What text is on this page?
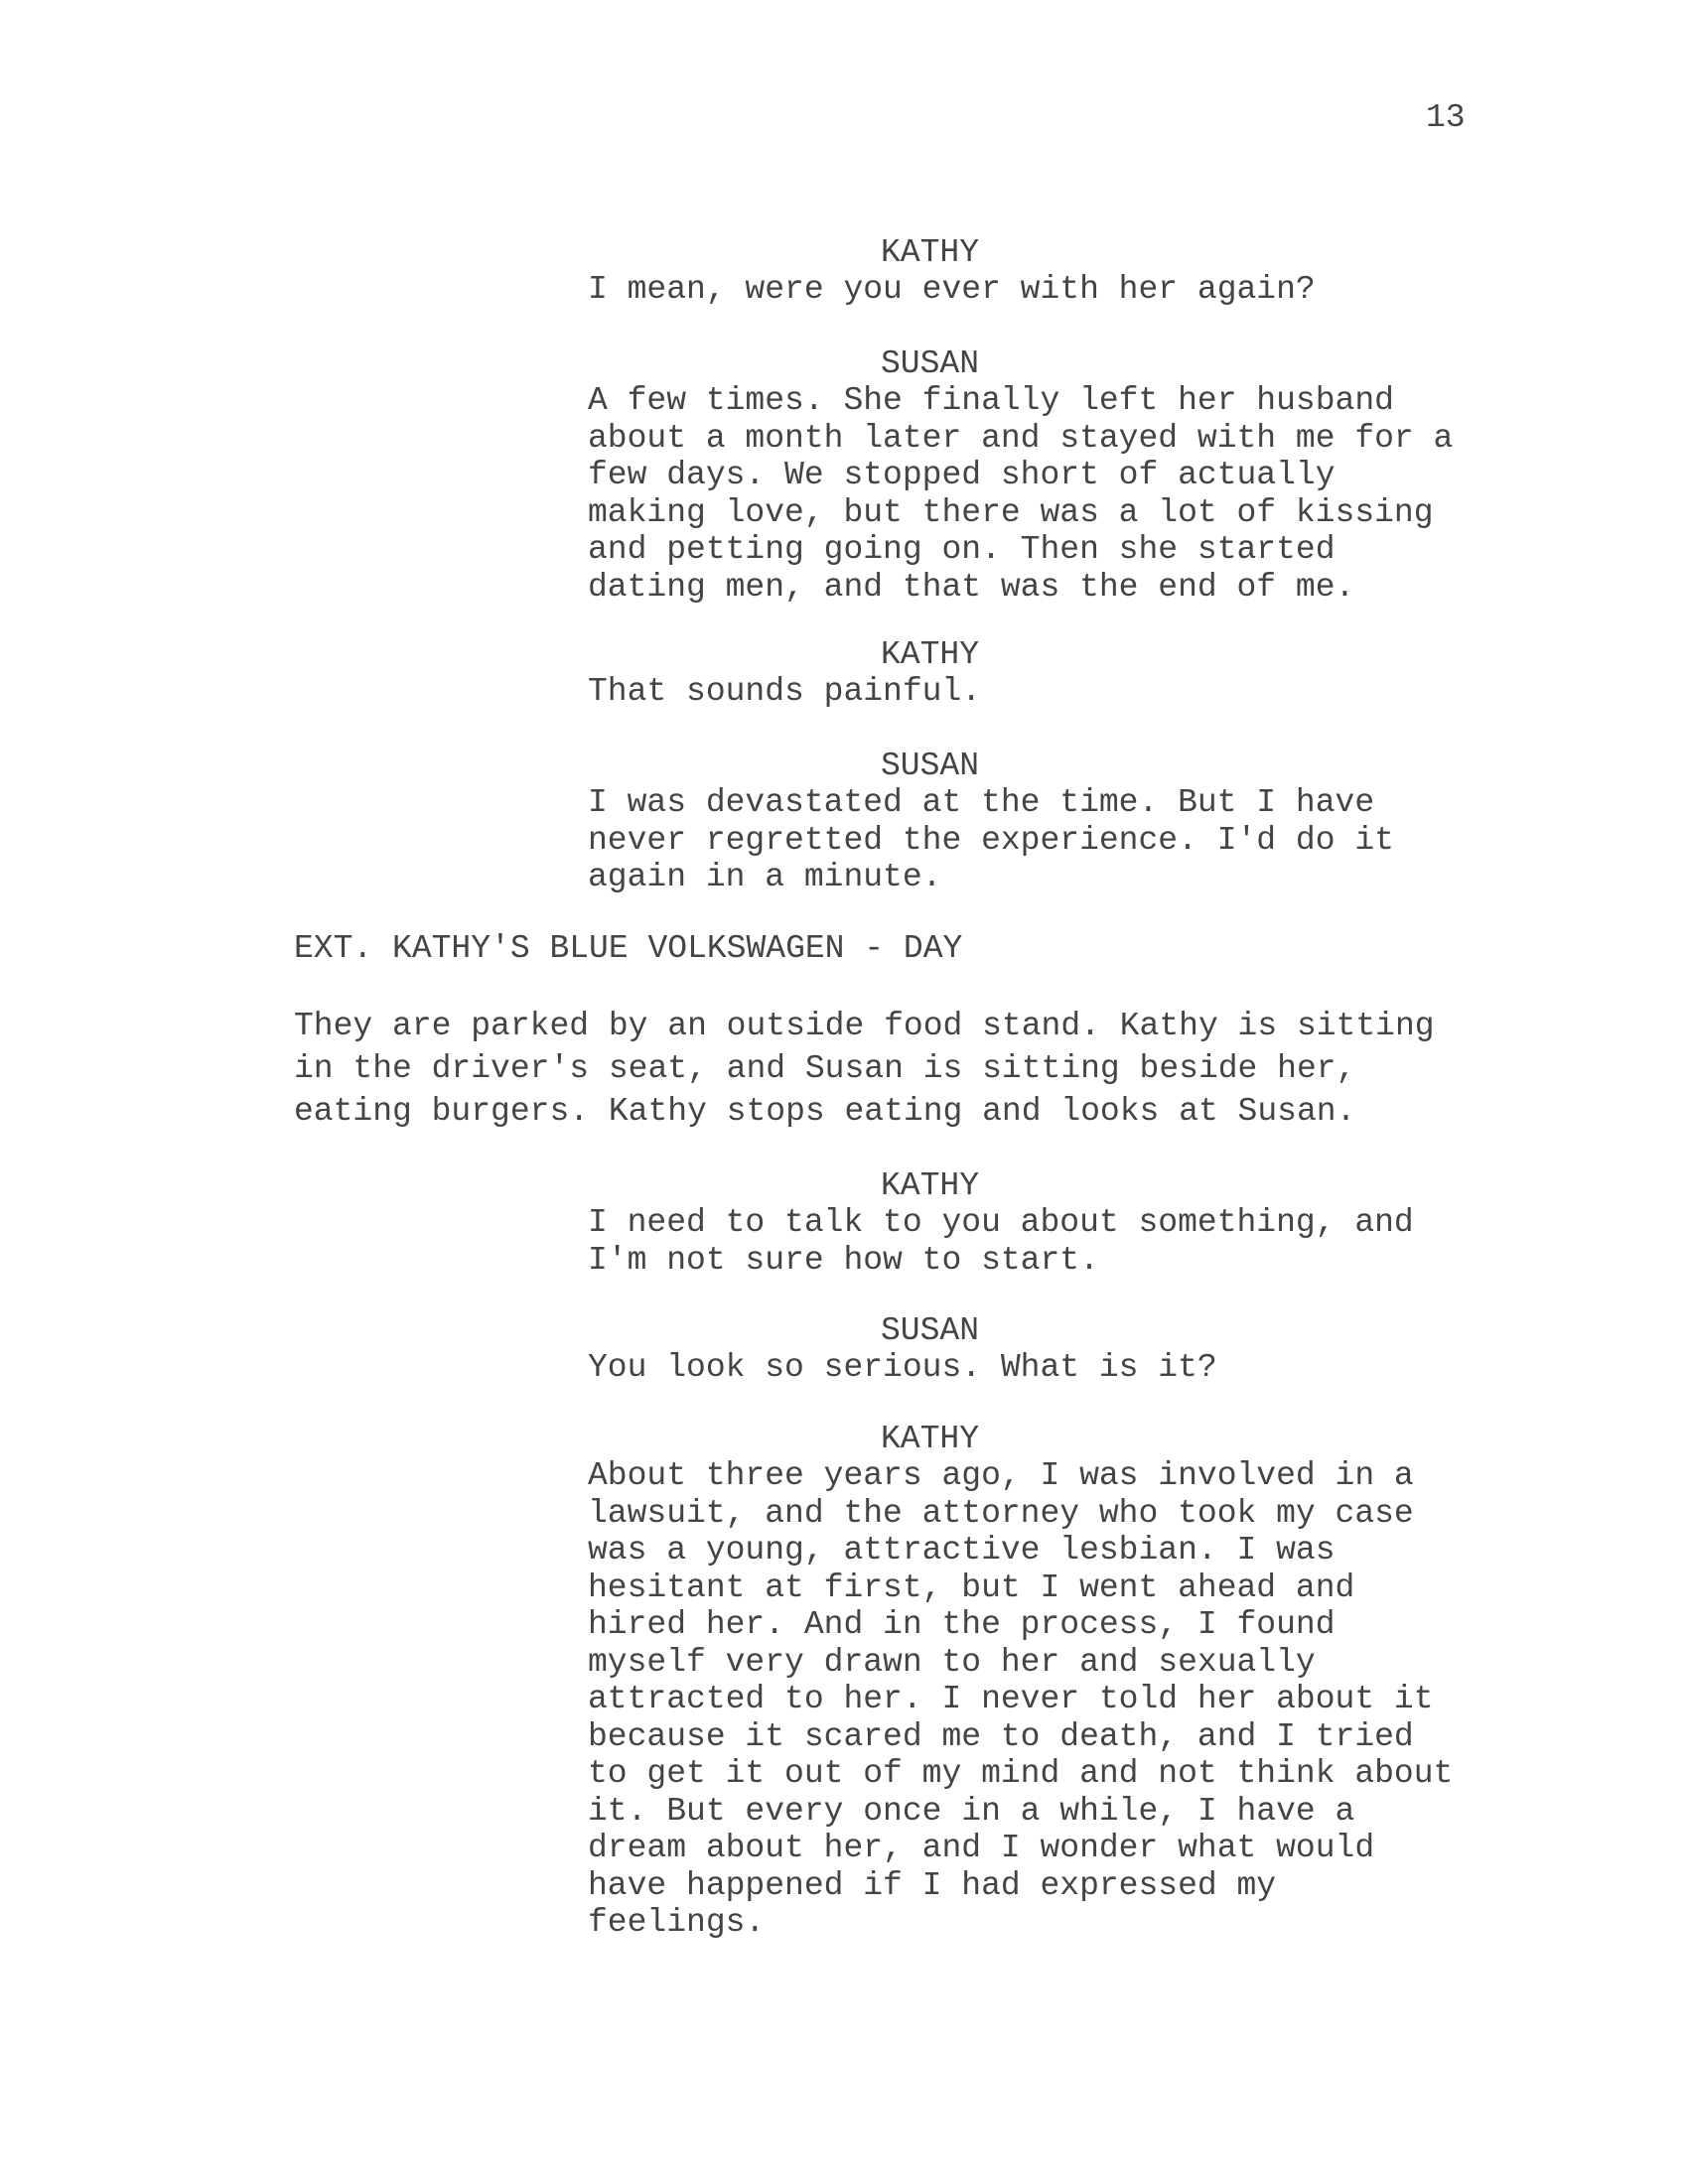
13

KATHY

I mean, were you ever with her again?

SUSAN

A few times. She finally left her husband
about a month later and stayed with me for a
few days. We stopped short of actually
making love, but there was a lot of kissing
and petting going on. Then she started
dating men, and that was the end of me.

KATHY

That sounds painful.

SUSAN

I was devastated at the time. But I have
never regretted the experience. I'd do it
again in a minute.

EXT. KATHY'S BLUE VOLKSWAGEN - DAY

They are parked by an outside food stand. Kathy is sitting
in the driver's seat, and Susan is sitting beside her,
eating burgers. Kathy stops eating and looks at Susan.

KATHY

I need to talk to you about something, and
I'm not sure how to start.

SUSAN

You look so serious. What is it?

KATHY

About three years ago, I was involved in a
lawsuit, and the attorney who took my case
was a young, attractive lesbian. I was
hesitant at first, but I went ahead and
hired her. And in the process, I found
myself very drawn to her and sexually
attracted to her. I never told her about it
because it scared me to death, and I tried
to get it out of my mind and not think about
it. But every once in a while, I have a
dream about her, and I wonder what would
have happened if I had expressed my
feelings.
